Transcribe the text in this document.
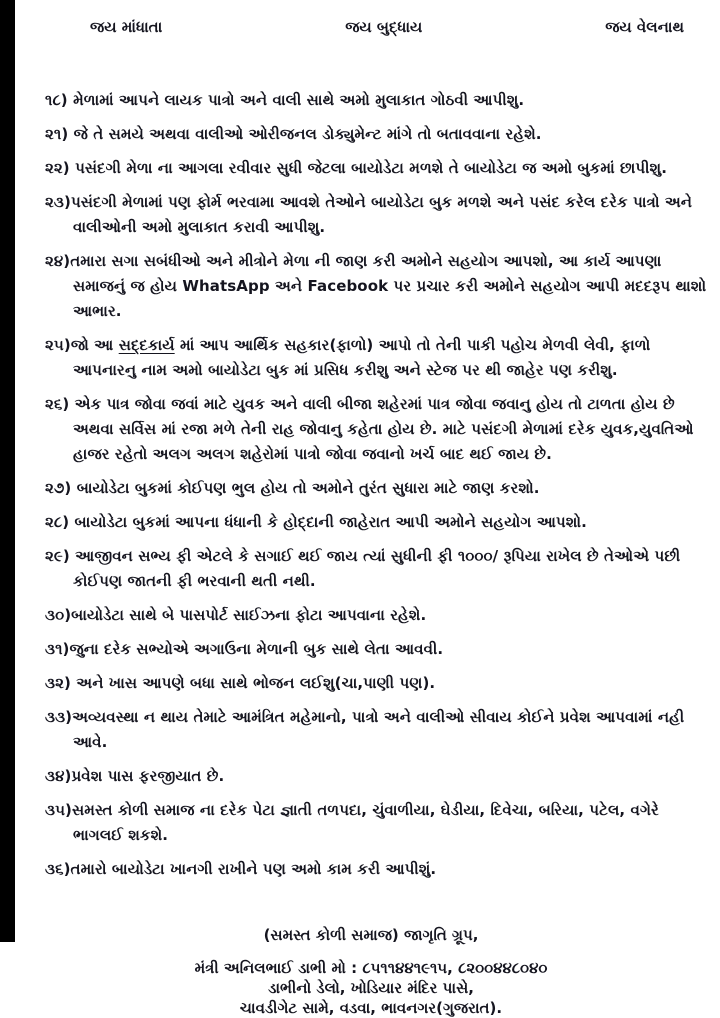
જય માંધાતા	જય બુદ્ધાય	જય વેલનાથ

૧૮) મેળામાં આપને લાયક પાત્રો અને વાલી સાથે અમો મુલાકાત ગોઠવી આપીશુ.

૨૧) જે તે સમયે અથવા વાલીઓ ઓરીજનલ ડોક્યુમેન્ટ માંગે તો બતાવવાના રહેશે.

૨૨) પસંદગી મેળા ના આગલા રવીવાર સુધી જેટલા બાયોડેટા મળશે તે બાયોડેટા જ અમો બુકમાં છાપીશુ.

૨૩)પસંદગી મેળામાં પણ ફોર્મ ભરવામા આવશે તેઓને બાયોડેટા બુક મળશે અને પસંદ કરેલ દરેક પાત્રો અને વાલીઓની અમો મુલાકાત કરાવી આપીશુ.

૨૪)તમારા સગા સબંધીઓ અને મીત્રોને મેળા ની જાણ કરી અમોને સહયોગ આપશો, આ કાર્ય આપણા સમાજનું જ હોય WhatsApp અને Facebook પર પ્રચાર કરી અમોને સહયોગ આપી મદદરૂપ થાશો આભાર.

૨૫)જો આ સદ્દકાર્ય માં આપ આર્થિક સહકાર(ફાળો) આપો તો તેની પાકી પહોચ મેળવી લેવી, ફાળો આપનારનુ નામ અમો બાયોડેટા બુક માં પ્રસિધ કરીશુ અને સ્ટેજ પર થી જાહેર પણ કરીશુ.

૨૬) એક પાત્ર જોવા જવાં માટે યુવક અને વાલી બીજા શહેરમાં પાત્ર જોવા જવાનુ હોય તો ટાળતા હોય છે અથવા સર્વિસ માં રજા મળે તેની રાહ જોવાનુ કહેતા હોય છે. માટે પસંદગી મેળામાં દરેક યુવક,યુવતિઓ હાજર રહેતો અલગ અલગ શહેરોમાં પાત્રો જોવા જવાનો ખર્ચ બાદ થઈ જાય છે.

૨૭) બાયોડેટા બુકમાં કોઈપણ ભુલ હોય તો અમોને તુરંત સુધારા માટે જાણ કરશો.

૨૮) બાયોડેટા બુકમાં આપના ધંધાની કે હોદ્દાની જાહેરાત આપી અમોને સહયોગ આપશો.

૨૯) આજીવન સભ્ય ફી એટલે કે સગાઈ થઈ જાય ત્યાં સુધીની ફી ૧૦૦૦/ રૂપિયા રાખેલ છે તેઓએ પછી કોઈપણ જાતની ફી ભરવાની થતી નથી.

૩૦)બાયોડેટા સાથે બે પાસપોર્ટ સાઈઝના ફોટા આપવાના રહેશે.

૩૧)જુના દરેક સભ્યોએ અગાઉના મેળાની બુક સાથે લેતા આવવી.

૩૨) અને ખાસ આપણે બધા સાથે ભોજન લઈશુ(ચા,પાણી પણ).

૩૩)અવ્યવસ્થા ન થાય તેમાટે આમંત્રિત મહેમાનો, પાત્રો અને વાલીઓ સીવાય કોઈને પ્રવેશ આપવામાં નહી આવે.

૩૪)પ્રવેશ પાસ ફરજીયાત છે.

૩૫)સમસ્ત કોળી સમાજ ના દરેક પેટા જ્ઞાતી તળપદા, ચુંવાળીયા, ઘેડીયા, દિવેચા, બરિયા, પટેલ, વગેરે ભાગલઈ શકશે.

૩૬)તમારો બાયોડેટા ખાનગી રાખીને પણ અમો કામ કરી આપીશું.

(સમસ્ત કોળી સમાજ) જાગૃતિ ગ્રૂપ,

મંત્રી અનિલભાઈ ડાભી મો : ૮૫૧૧૪૪૧૯૧૫, ૮૨૦૦૪૪૮૦૪૦

ડાભીનો ડેલો, ખોડિયાર મંદિર પાસે,

ચાવડીગેટ સામે, વડવા, ભાવનગર(ગુજરાત).
